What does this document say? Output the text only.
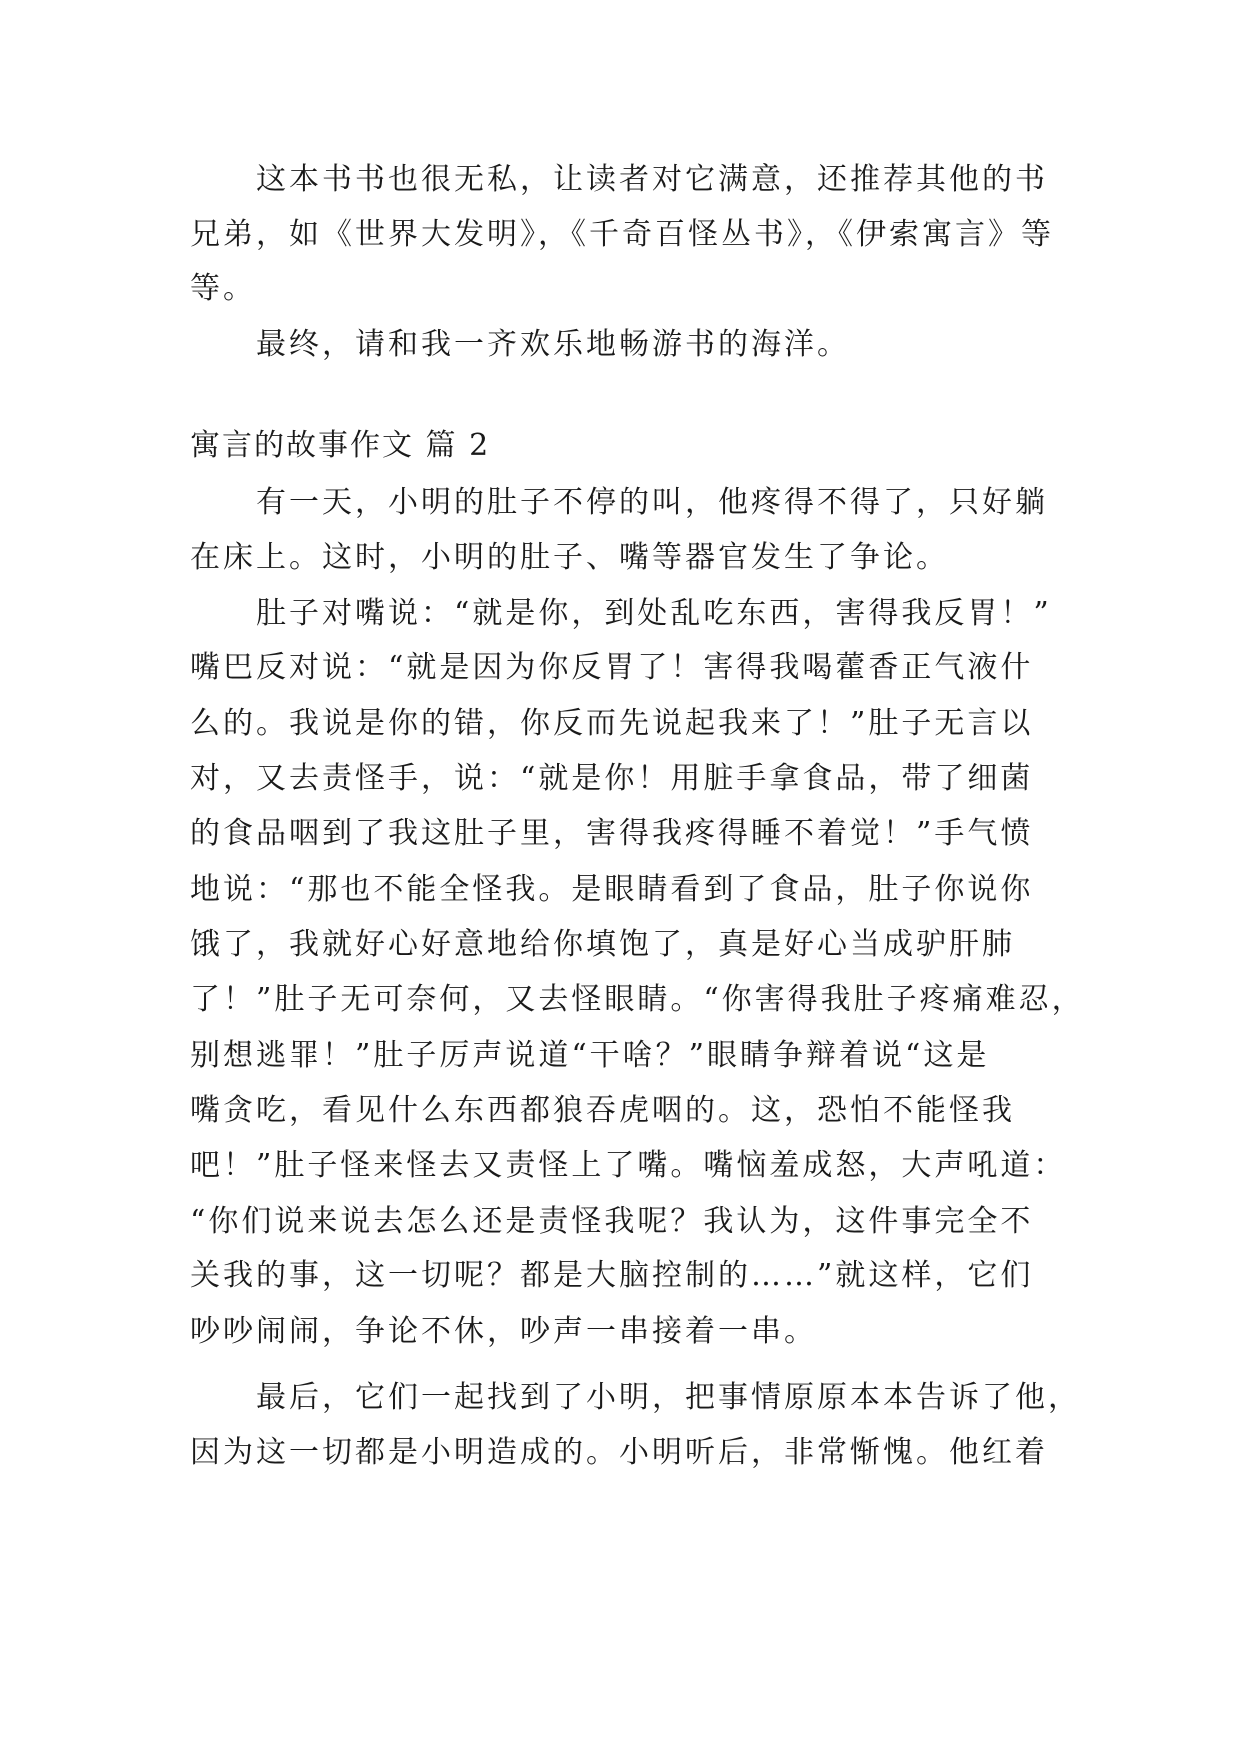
这本书书也很无私，让读者对它满意，还推荐其他的书
兄弟，如《世界大发明》，《千奇百怪丛书》，《伊索寓言》等
等。
最终，请和我一齐欢乐地畅游书的海洋。
寓言的故事作文 篇 2
有一天，小明的肚子不停的叫，他疼得不得了，只好躺
在床上。这时，小明的肚子、嘴等器官发生了争论。
肚子对嘴说：“就是你，到处乱吃东西，害得我反胃！”
嘴巴反对说：“就是因为你反胃了！害得我喝藿香正气液什
么的。我说是你的错，你反而先说起我来了！”肚子无言以
对，又去责怪手，说：“就是你！用脏手拿食品，带了细菌
的食品咽到了我这肚子里，害得我疼得睡不着觉！”手气愤
地说：“那也不能全怪我。是眼睛看到了食品，肚子你说你
饿了，我就好心好意地给你填饱了，真是好心当成驴肝肺
了！”肚子无可奈何，又去怪眼睛。“你害得我肚子疼痛难忍，
别想逃罪！”肚子厉声说道“干啥？”眼睛争辩着说“这是
嘴贪吃，看见什么东西都狼吞虎咽的。这，恐怕不能怪我
吧！”肚子怪来怪去又责怪上了嘴。嘴恼羞成怒，大声吼道：
“你们说来说去怎么还是责怪我呢？我认为，这件事完全不
关我的事，这一切呢？都是大脑控制的……”就这样，它们
吵吵闹闹，争论不休，吵声一串接着一串。
最后，它们一起找到了小明，把事情原原本本告诉了他，
因为这一切都是小明造成的。小明听后，非常惭愧。他红着
